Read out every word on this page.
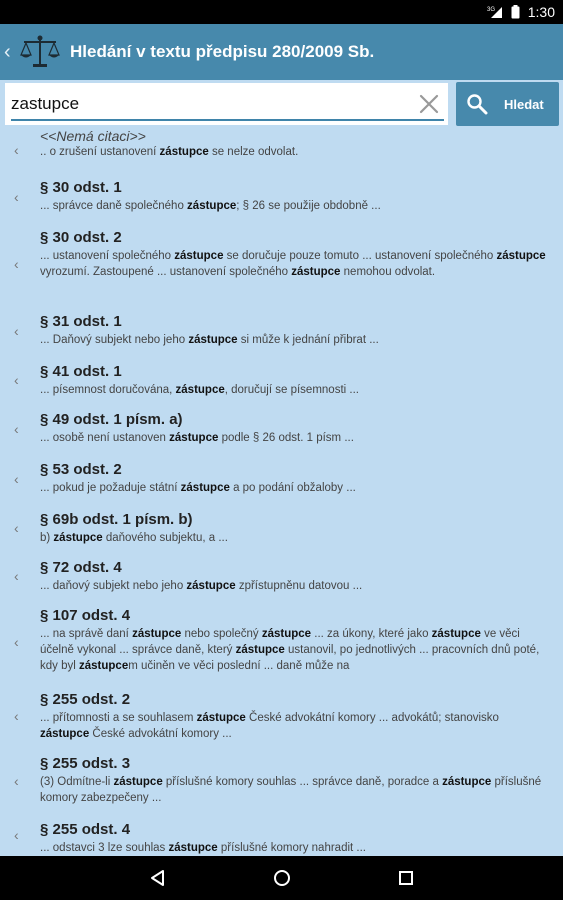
3G 1:30
‹	Hledání v textu předpisu 280/2009 Sb.
zastupce
Hledat
‹
<<Nemá citaci>>
.. o zrušení ustanovení zástupce se nelze odvolat.
‹
§ 30 odst. 1
... správce daně společného zástupce; § 26 se použije obdobně ...
‹
§ 30 odst. 2
... ustanovení společného zástupce se doručuje pouze tomuto ... ustanovení společného zástupce vyrozumí. Zastoupené ... ustanovení společného zástupce nemohou odvolat.
‹
§ 31 odst. 1
... Daňový subjekt nebo jeho zástupce si může k jednání přibrat ...
‹ § 41 odst. 1
... písemnost doručována, zástupce, doručují se písemnosti ...
‹
§ 49 odst. 1 písm. a)
... osobě není ustanoven zástupce podle § 26 odst. 1 písm ...
‹
§ 53 odst. 2
... pokud je požaduje státní zástupce a po podání obžaloby ...
‹ § 69b odst. 1 písm. b)
b) zástupce daňového subjektu, a ...
‹ § 72 odst. 4
... daňový subjekt nebo jeho zástupce zpřístupněnu datovou ...
‹
§ 107 odst. 4
... na správě daní zástupce nebo společný zástupce ... za úkony, které jako zástupce ve věci účelně vykonal ... správce daně, který zástupce ustanovil, po jednotlivých ... pracovních dnů poté, kdy byl zástupcem učiněn ve věci poslední ... daně může na
‹
§ 255 odst. 2
... přítomnosti a se souhlasem zástupce České advokátní komory ... advokátů; stanovisko zástupce České advokátní komory ...
‹
§ 255 odst. 3
(3) Odmítne-li zástupce příslušné komory souhlas ... správce daně, poradce a zástupce příslušné komory zabezpečeny ...
‹ § 255 odst. 4
... odstavci 3 lze souhlas zástupce příslušné komory nahradit ...
